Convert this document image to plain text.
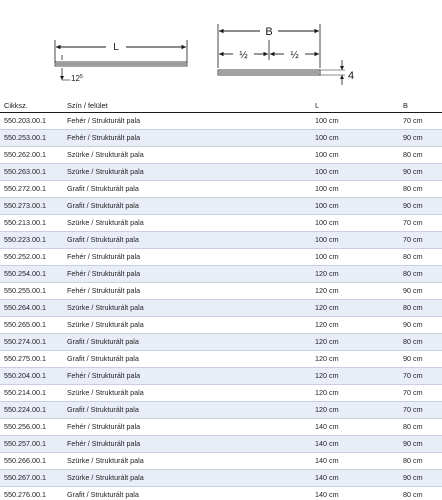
L
$12^5$
B
½	½
4
Cikksz.	Szín / felület	L	B
550.203.00.1	Fehér / Strukturált pala	100 cm	70 cm
550.253.00.1	Fehér / Strukturált pala	100 cm	90 cm
550.262.00.1	Szürke / Strukturált pala	100 cm	80 cm
550.263.00.1	Szürke / Strukturált pala	100 cm	90 cm
550.272.00.1	Grafit / Strukturált pala	100 cm	80 cm
550.273.00.1	Grafit / Strukturált pala	100 cm	90 cm
550.213.00.1	Szürke / Strukturált pala	100 cm	70 cm
550.223.00.1	Grafit / Strukturált pala	100 cm	70 cm
550.252.00.1	Fehér / Strukturált pala	100 cm	80 cm
550.254.00.1	Fehér / Strukturált pala	120 cm	80 cm
550.255.00.1	Fehér / Strukturált pala	120 cm	90 cm
550.264.00.1	Szürke / Strukturált pala	120 cm	80 cm
550.265.00.1	Szürke / Strukturált pala	120 cm	90 cm
550.274.00.1	Grafit / Strukturált pala	120 cm	80 cm
550.275.00.1	Grafit / Strukturált pala	120 cm	90 cm
550.204.00.1	Fehér / Strukturált pala	120 cm	70 cm
550.214.00.1	Szürke / Strukturált pala	120 cm	70 cm
550.224.00.1	Grafit / Strukturált pala	120 cm	70 cm
550.256.00.1	Fehér / Strukturált pala	140 cm	80 cm
550.257.00.1	Fehér / Strukturált pala	140 cm	90 cm
550.266.00.1	Szürke / Strukturált pala	140 cm	80 cm
550.267.00.1	Szürke / Strukturált pala	140 cm	90 cm
550.276.00.1	Grafit / Strukturált pala	140 cm	80 cm
